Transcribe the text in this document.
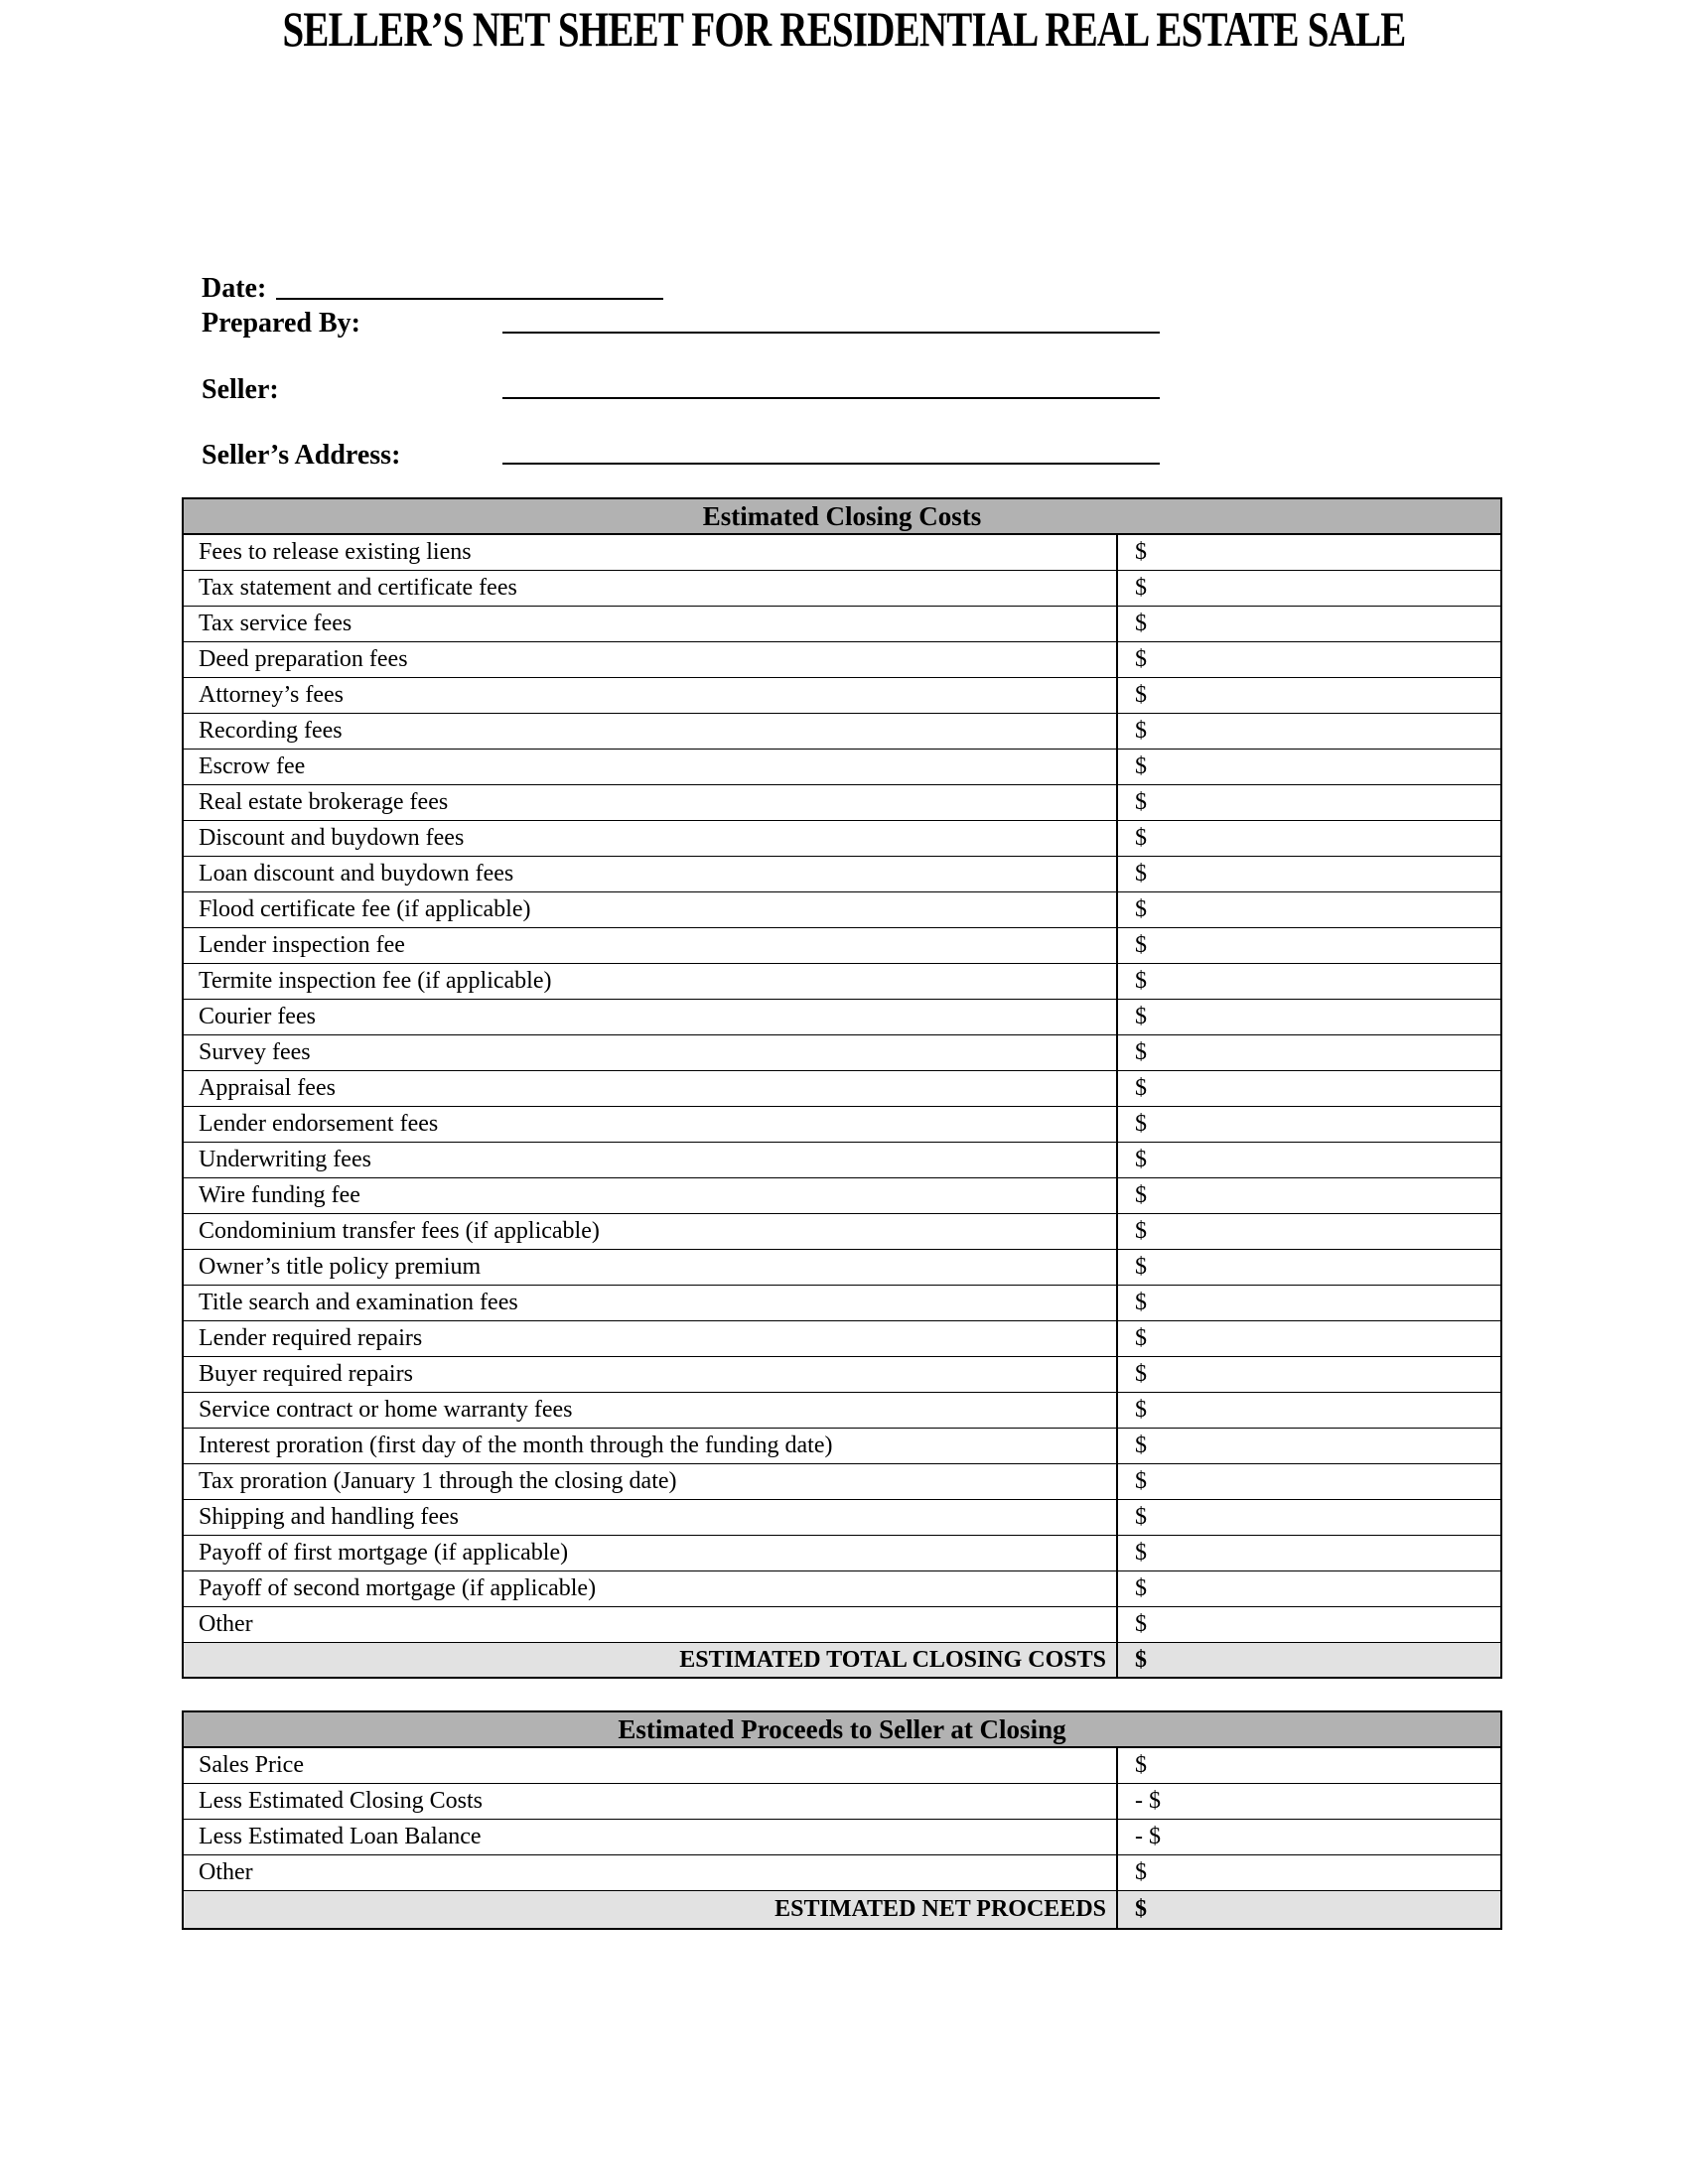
SELLER’S NET SHEET FOR RESIDENTIAL REAL ESTATE SALE
Date:
Prepared By:
Seller:
Seller’s Address:
Estimated Closing Costs
Fees to release existing liens	$
Tax statement and certificate fees	$
Tax service fees	$
Deed preparation fees	$
Attorney’s fees	$
Recording fees	$
Escrow fee	$
Real estate brokerage fees	$
Discount and buydown fees	$
Loan discount and buydown fees	$
Flood certificate fee (if applicable)	$
Lender inspection fee	$
Termite inspection fee (if applicable)	$
Courier fees	$
Survey fees	$
Appraisal fees	$
Lender endorsement fees	$
Underwriting fees	$
Wire funding fee	$
Condominium transfer fees (if applicable)	$
Owner’s title policy premium	$
Title search and examination fees	$
Lender required repairs	$
Buyer required repairs	$
Service contract or home warranty fees	$
Interest proration (first day of the month through the funding date)	$
Tax proration (January 1 through the closing date)	$
Shipping and handling fees	$
Payoff of first mortgage (if applicable)	$
Payoff of second mortgage (if applicable)	$
Other	$
ESTIMATED TOTAL CLOSING COSTS	$
Estimated Proceeds to Seller at Closing
Sales Price	$
Less Estimated Closing Costs	- $
Less Estimated Loan Balance	- $
Other	$
ESTIMATED NET PROCEEDS	$
